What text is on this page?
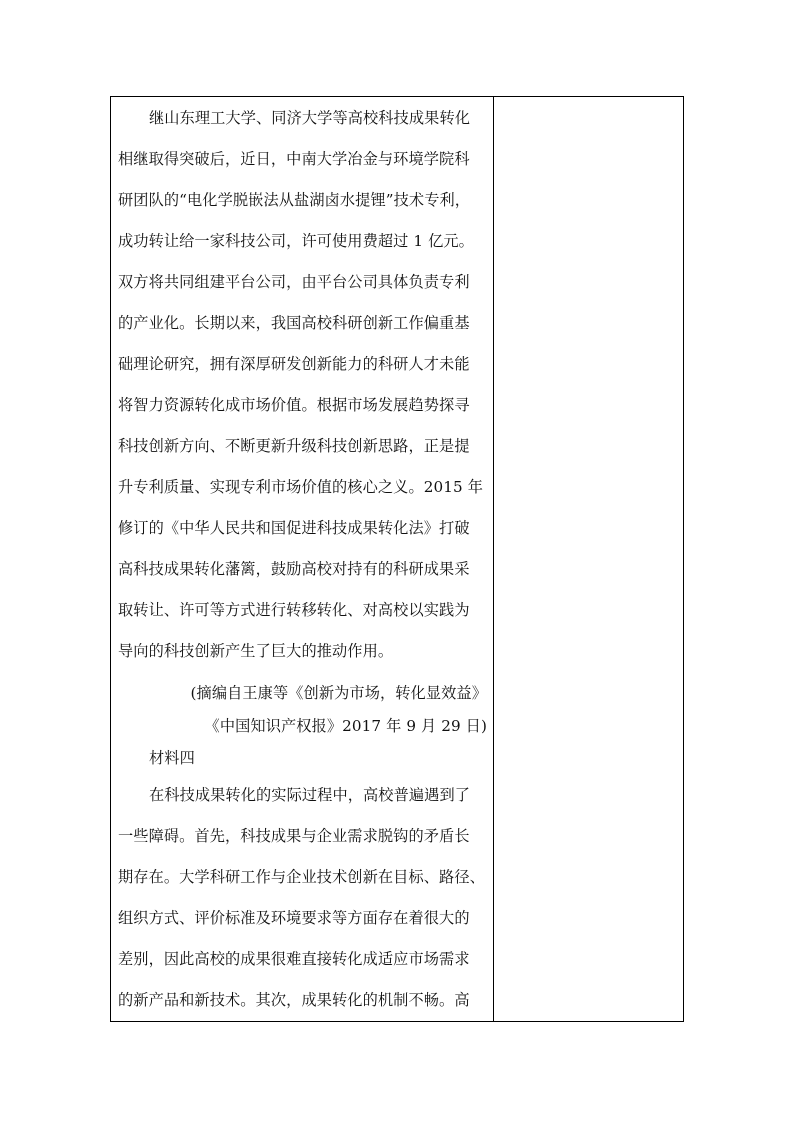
继山东理工大学、同济大学等高校科技成果转化
相继取得突破后，近日，中南大学冶金与环境学院科
研团队的“电化学脱嵌法从盐湖卤水提锂”技术专利，
成功转让给一家科技公司，许可使用费超过 1 亿元。
双方将共同组建平台公司，由平台公司具体负责专利
的产业化。长期以来，我国高校科研创新工作偏重基
础理论研究，拥有深厚研发创新能力的科研人才未能
将智力资源转化成市场价值。根据市场发展趋势探寻
科技创新方向、不断更新升级科技创新思路，正是提
升专利质量、实现专利市场价值的核心之义。2015 年
修订的《中华人民共和国促进科技成果转化法》打破
高科技成果转化藩篱，鼓励高校对持有的科研成果采
取转让、许可等方式进行转移转化、对高校以实践为
导向的科技创新产生了巨大的推动作用。
(摘编自王康等《创新为市场，转化显效益》
《中国知识产权报》2017 年 9 月 29 日)
材料四
在科技成果转化的实际过程中，高校普遍遇到了
一些障碍。首先，科技成果与企业需求脱钩的矛盾长
期存在。大学科研工作与企业技术创新在目标、路径、
组织方式、评价标准及环境要求等方面存在着很大的
差别，因此高校的成果很难直接转化成适应市场需求
的新产品和新技术。其次，成果转化的机制不畅。高
